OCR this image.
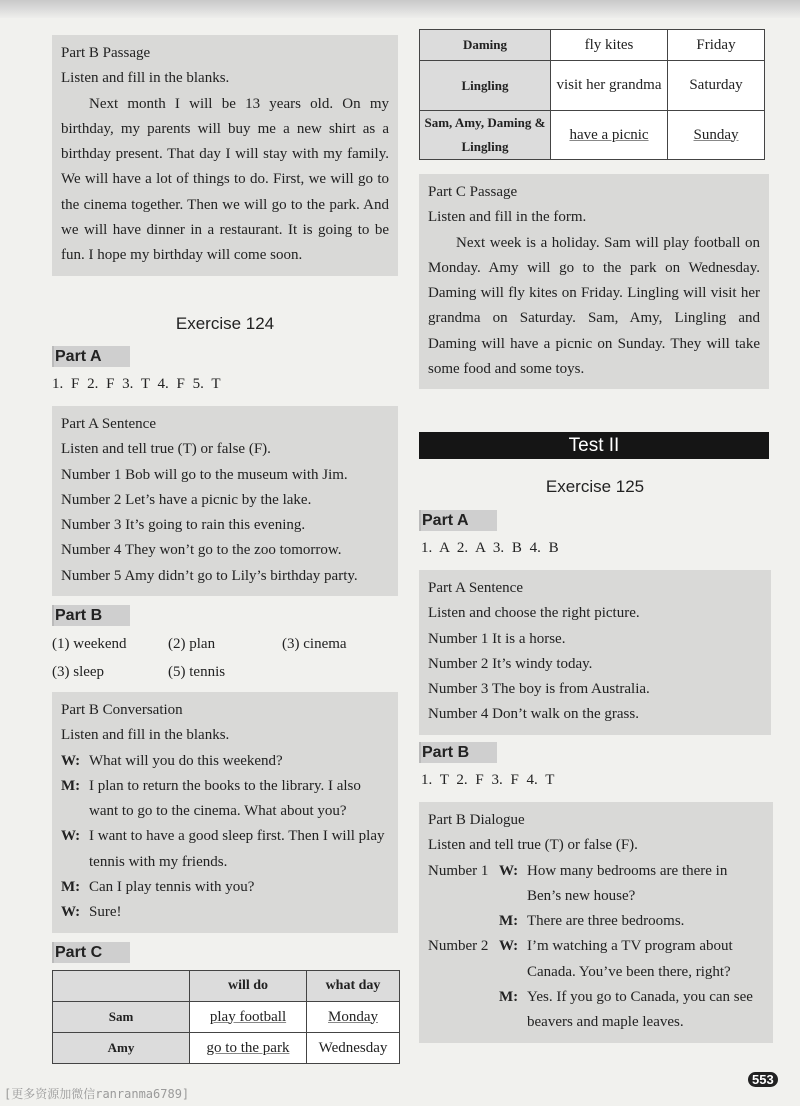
Part B Passage

Listen and fill in the blanks.

Next month I will be 13 years old. On my birthday, my parents will buy me a new shirt as a birthday present. That day I will stay with my family. We will have a lot of things to do. First, we will go to the cinema together. Then we will go to the park. And we will have dinner in a restaurant. It is going to be fun. I hope my birthday will come soon.

Exercise 124
Part A
1. F 2. F 3. T 4. F 5. T

Part A Sentence

Listen and tell true (T) or false (F).

Number 1 Bob will go to the museum with Jim.

Number 2 Let’s have a picnic by the lake.

Number 3 It’s going to rain this evening.

Number 4 They won’t go to the zoo tomorrow.

Number 5 Amy didn’t go to Lily’s birthday party.

Part B
(1) weekend	(2) plan	(3) cinema
(3) sleep	(5) tennis

Part B Conversation

Listen and fill in the blanks.

W: What will you do this weekend?
M: I plan to return the books to the library. I also want to go to the cinema. What about you?
W: I want to have a good sleep first. Then I will play tennis with my friends.
M: Can I play tennis with you?
W: Sure!
Part C
	will do	what day
Sam	play football	Monday
Amy	go to the park	Wednesday
Daming	fly kites	Friday
Lingling	visit her grandma	Saturday
Sam, Amy, Daming & Lingling	have a picnic	Sunday

Part C Passage

Listen and fill in the form.

Next week is a holiday. Sam will play football on Monday. Amy will go to the park on Wednesday. Daming will fly kites on Friday. Lingling will visit her grandma on Saturday. Sam, Amy, Lingling and Daming will have a picnic on Sunday. They will take some food and some toys.

Test II
Exercise 125
Part A
1. A 2. A 3. B 4. B

Part A Sentence

Listen and choose the right picture.

Number 1 It is a horse.

Number 2 It’s windy today.

Number 3 The boy is from Australia.

Number 4 Don’t walk on the grass.

Part B
1. T 2. F 3. F 4. T

Part B Dialogue

Listen and tell true (T) or false (F).

Number 1 W: How many bedrooms are there in Ben’s new house?
M: There are three bedrooms.
Number 2 W: I’m watching a TV program about Canada. You’ve been there, right?
M: Yes. If you go to Canada, you can see beavers and maple leaves.
553
[更多资源加微信ranranma6789]
